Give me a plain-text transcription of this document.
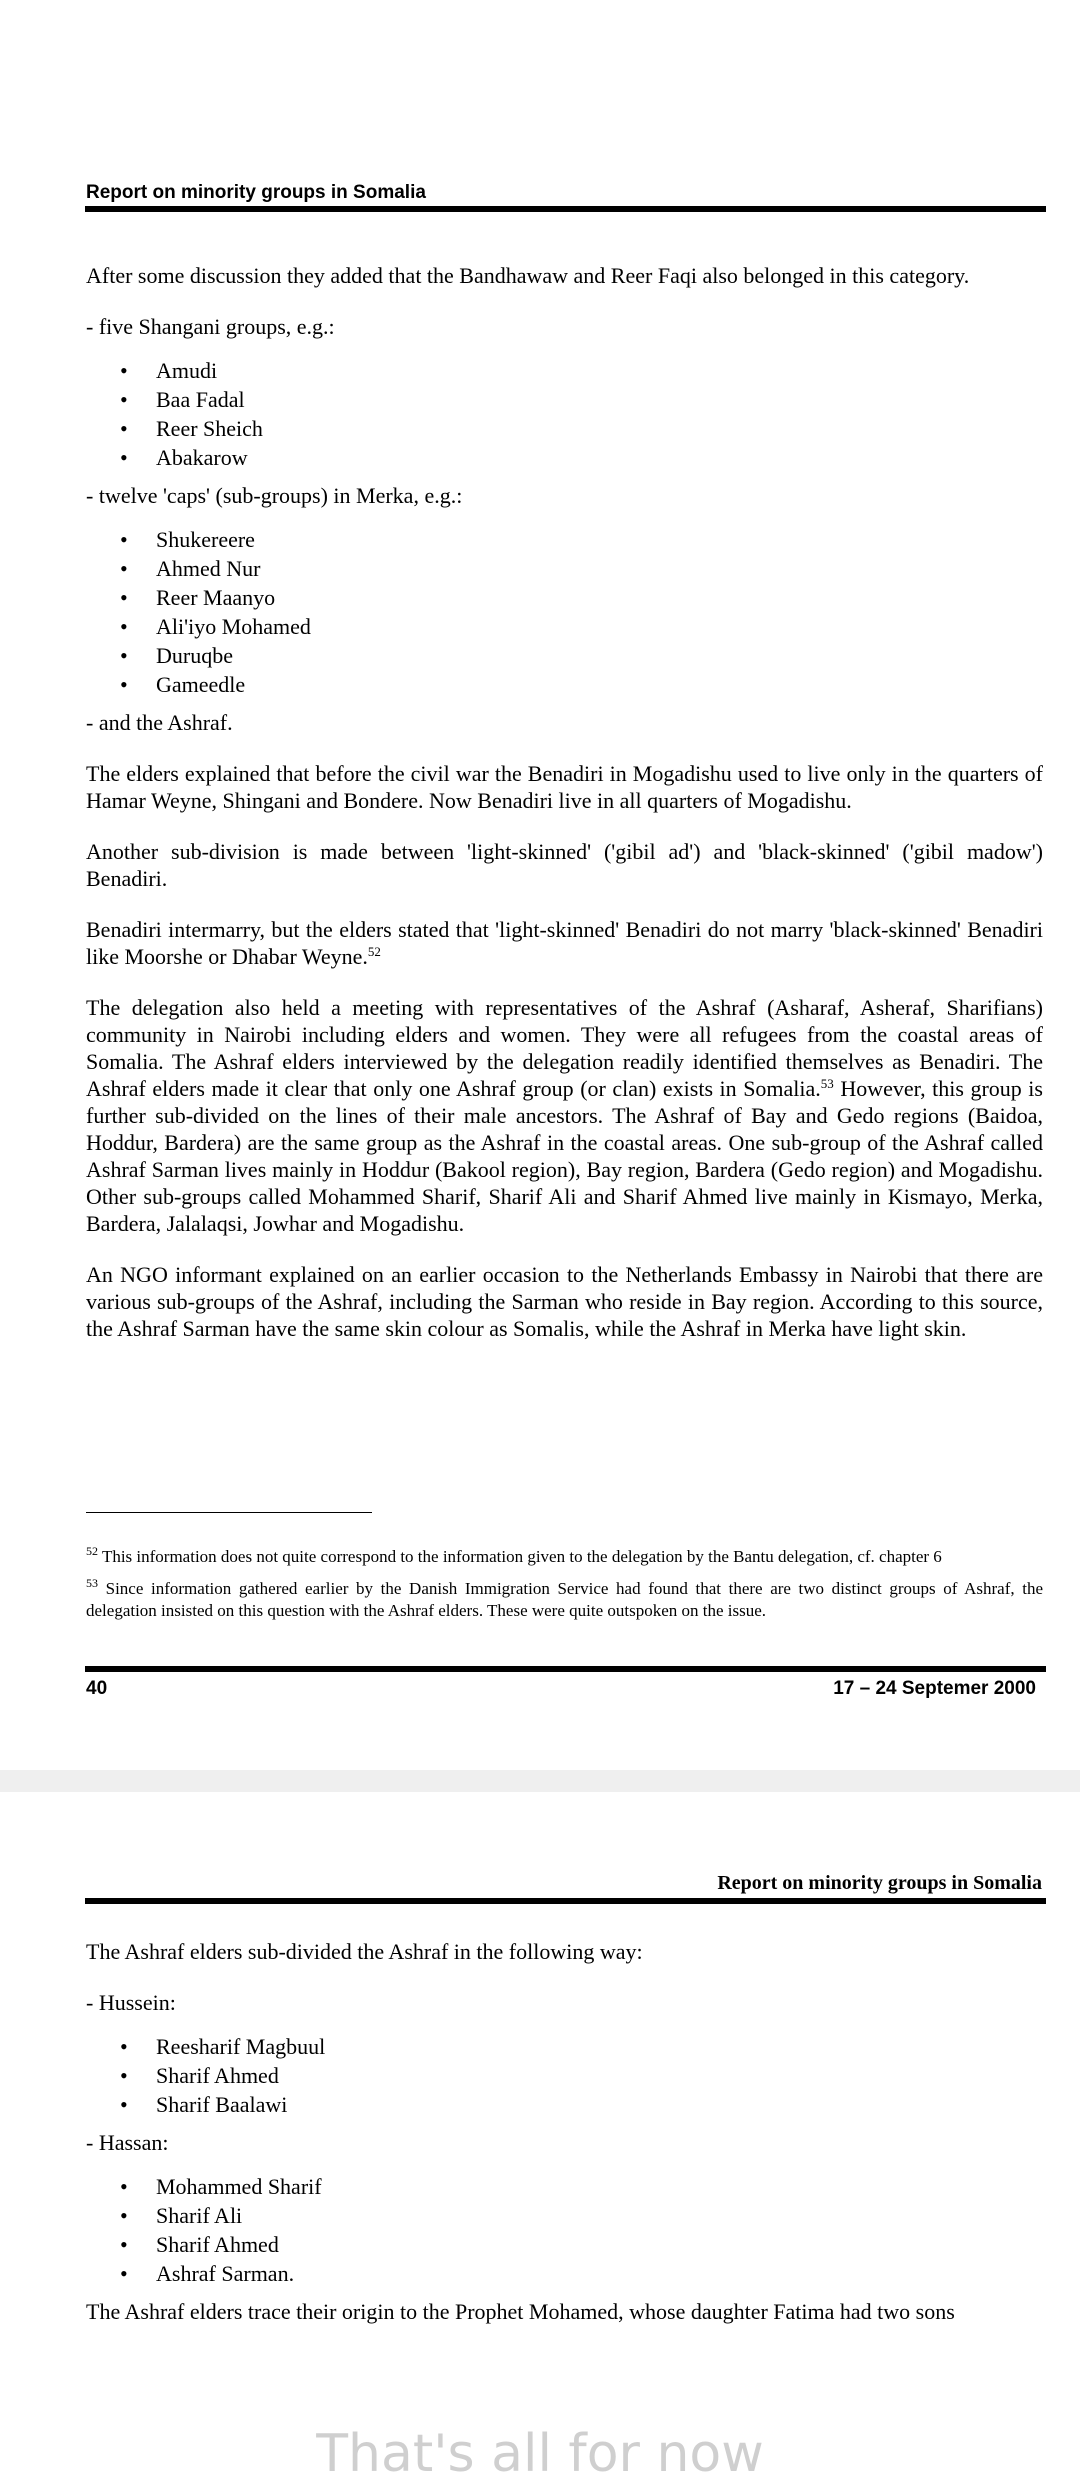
Report on minority groups in Somalia

After some discussion they added that the Bandhawaw and Reer Faqi also belonged in this category.

- five Shangani groups, e.g.:

• Amudi
• Baa Fadal
• Reer Sheich
• Abakarow

- twelve 'caps' (sub-groups) in Merka, e.g.:

• Shukereere
• Ahmed Nur
• Reer Maanyo
• Ali'iyo Mohamed
• Duruqbe
• Gameedle

- and the Ashraf.

The elders explained that before the civil war the Benadiri in Mogadishu used to live only in the quarters of Hamar Weyne, Shingani and Bondere. Now Benadiri live in all quarters of Mogadishu.

Another sub-division is made between 'light-skinned' ('gibil ad') and 'black-skinned' ('gibil madow') Benadiri.

Benadiri intermarry, but the elders stated that 'light-skinned' Benadiri do not marry 'black-skinned' Benadiri like Moorshe or Dhabar Weyne.$^{52}$

The delegation also held a meeting with representatives of the Ashraf (Asharaf, Asheraf, Sharifians) community in Nairobi including elders and women. They were all refugees from the coastal areas of Somalia. The Ashraf elders interviewed by the delegation readily identified themselves as Benadiri. The Ashraf elders made it clear that only one Ashraf group (or clan) exists in Somalia.$^{53}$ However, this group is further sub-divided on the lines of their male ancestors. The Ashraf of Bay and Gedo regions (Baidoa, Hoddur, Bardera) are the same group as the Ashraf in the coastal areas. One sub-group of the Ashraf called Ashraf Sarman lives mainly in Hoddur (Bakool region), Bay region, Bardera (Gedo region) and Mogadishu. Other sub-groups called Mohammed Sharif, Sharif Ali and Sharif Ahmed live mainly in Kismayo, Merka, Bardera, Jalalaqsi, Jowhar and Mogadishu.

An NGO informant explained on an earlier occasion to the Netherlands Embassy in Nairobi that there are various sub-groups of the Ashraf, including the Sarman who reside in Bay region. According to this source, the Ashraf Sarman have the same skin colour as Somalis, while the Ashraf in Merka have light skin.

$^{52}$ This information does not quite correspond to the information given to the delegation by the Bantu delegation, cf. chapter 6

$^{53}$ Since information gathered earlier by the Danish Immigration Service had found that there are two distinct groups of Ashraf, the delegation insisted on this question with the Ashraf elders. These were quite outspoken on the issue.

40	17 – 24 Septemer 2000
Report on minority groups in Somalia

The Ashraf elders sub-divided the Ashraf in the following way:

- Hussein:

• Reesharif Magbuul
• Sharif Ahmed
• Sharif Baalawi

- Hassan:

• Mohammed Sharif
• Sharif Ali
• Sharif Ahmed
• Ashraf Sarman.

The Ashraf elders trace their origin to the Prophet Mohamed, whose daughter Fatima had two sons

That's all for now
